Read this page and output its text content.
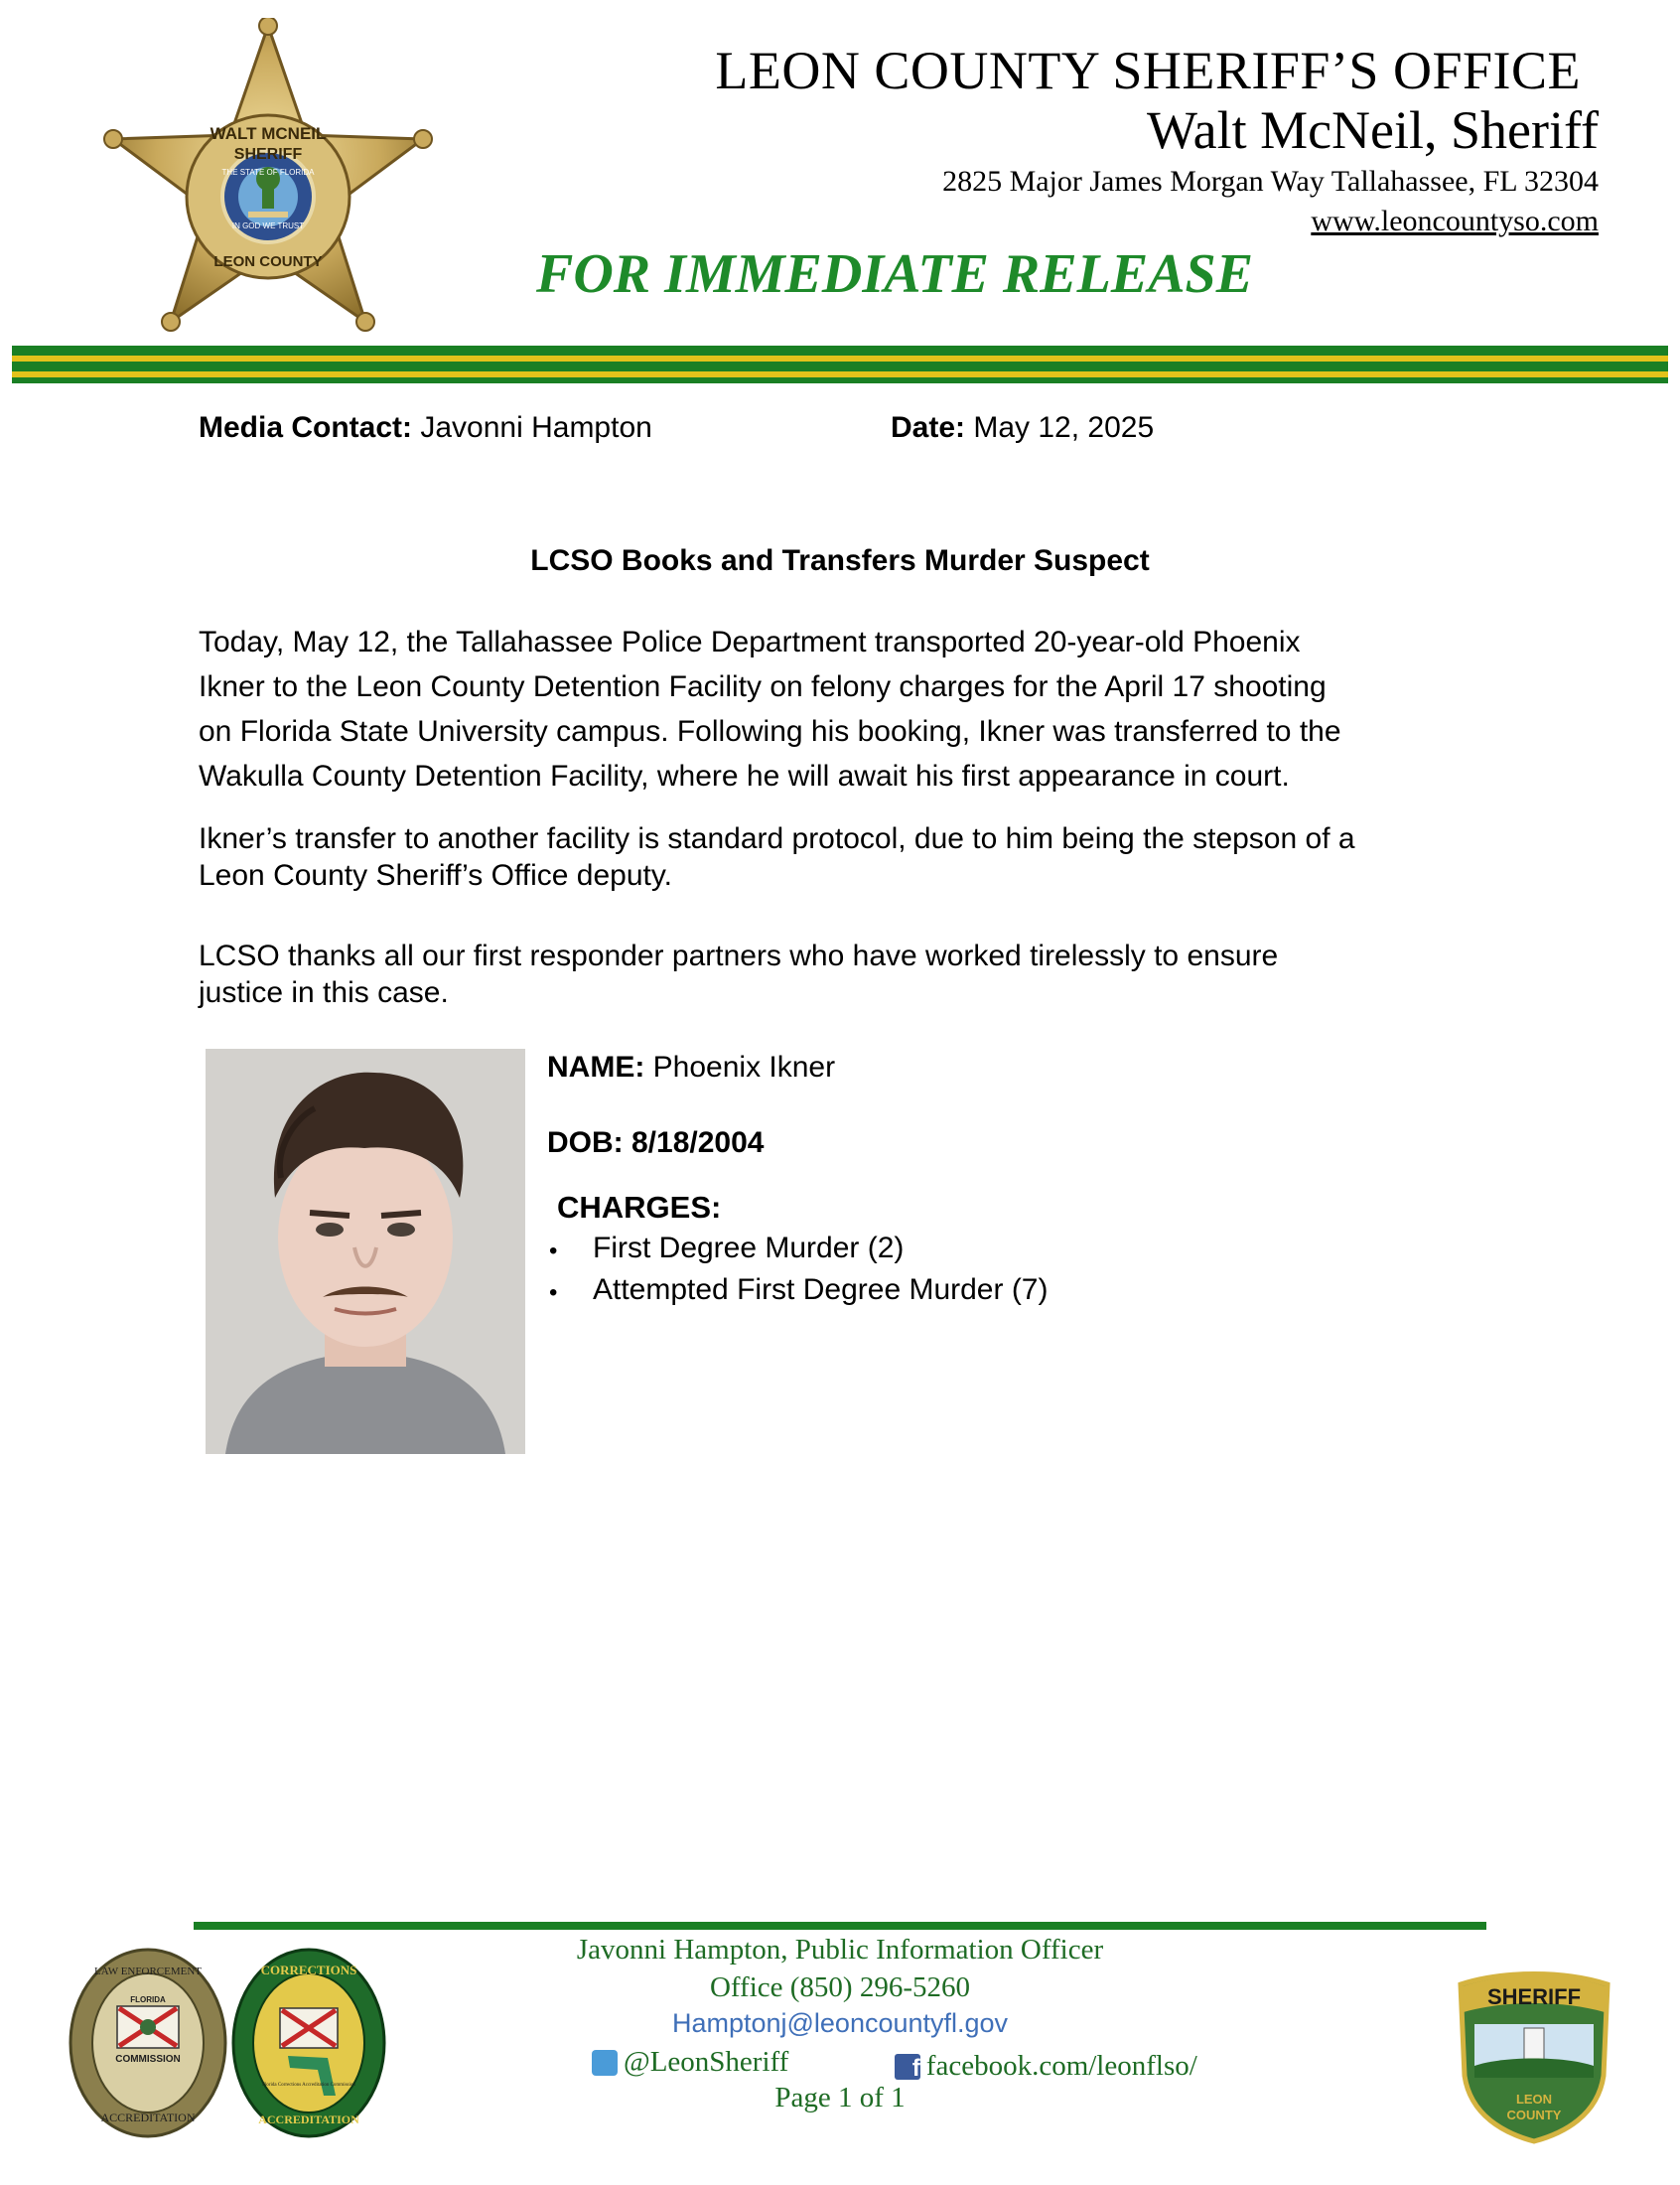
WALT MCNEIL
SHERIFF
THE STATE OF FLORIDA
IN GOD WE TRUST
LEON COUNTY
LEON COUNTY SHERIFF’S OFFICE
Walt McNeil, Sheriff
2825 Major James Morgan Way Tallahassee, FL 32304
www.leoncountyso.com
FOR IMMEDIATE RELEASE
Media Contact: Javonni Hampton	Date: May 12, 2025
LCSO Books and Transfers Murder Suspect
Today, May 12, the Tallahassee Police Department transported 20-year-old Phoenix
Ikner to the Leon County Detention Facility on felony charges for the April 17 shooting
on Florida State University campus. Following his booking, Ikner was transferred to the
Wakulla County Detention Facility, where he will await his first appearance in court.
Ikner’s transfer to another facility is standard protocol, due to him being the stepson of a
Leon County Sheriff’s Office deputy.
LCSO thanks all our first responder partners who have worked tirelessly to ensure
justice in this case.
NAME: Phoenix Ikner
DOB: 8/18/2004
CHARGES:
• First Degree Murder (2)
• Attempted First Degree Murder (7)
LAW ENFORCEMENT
FLORIDA
COMMISSION
ACCREDITATION
CORRECTIONS
Florida Corrections Accreditation Commission
ACCREDITATION
Javonni Hampton, Public Information Officer
Office (850) 296-5260
Hamptonj@leoncountyfl.gov
@LeonSheriff
	f facebook.com/leonflso/
Page 1 of 1
SHERIFF
LEON
COUNTY
